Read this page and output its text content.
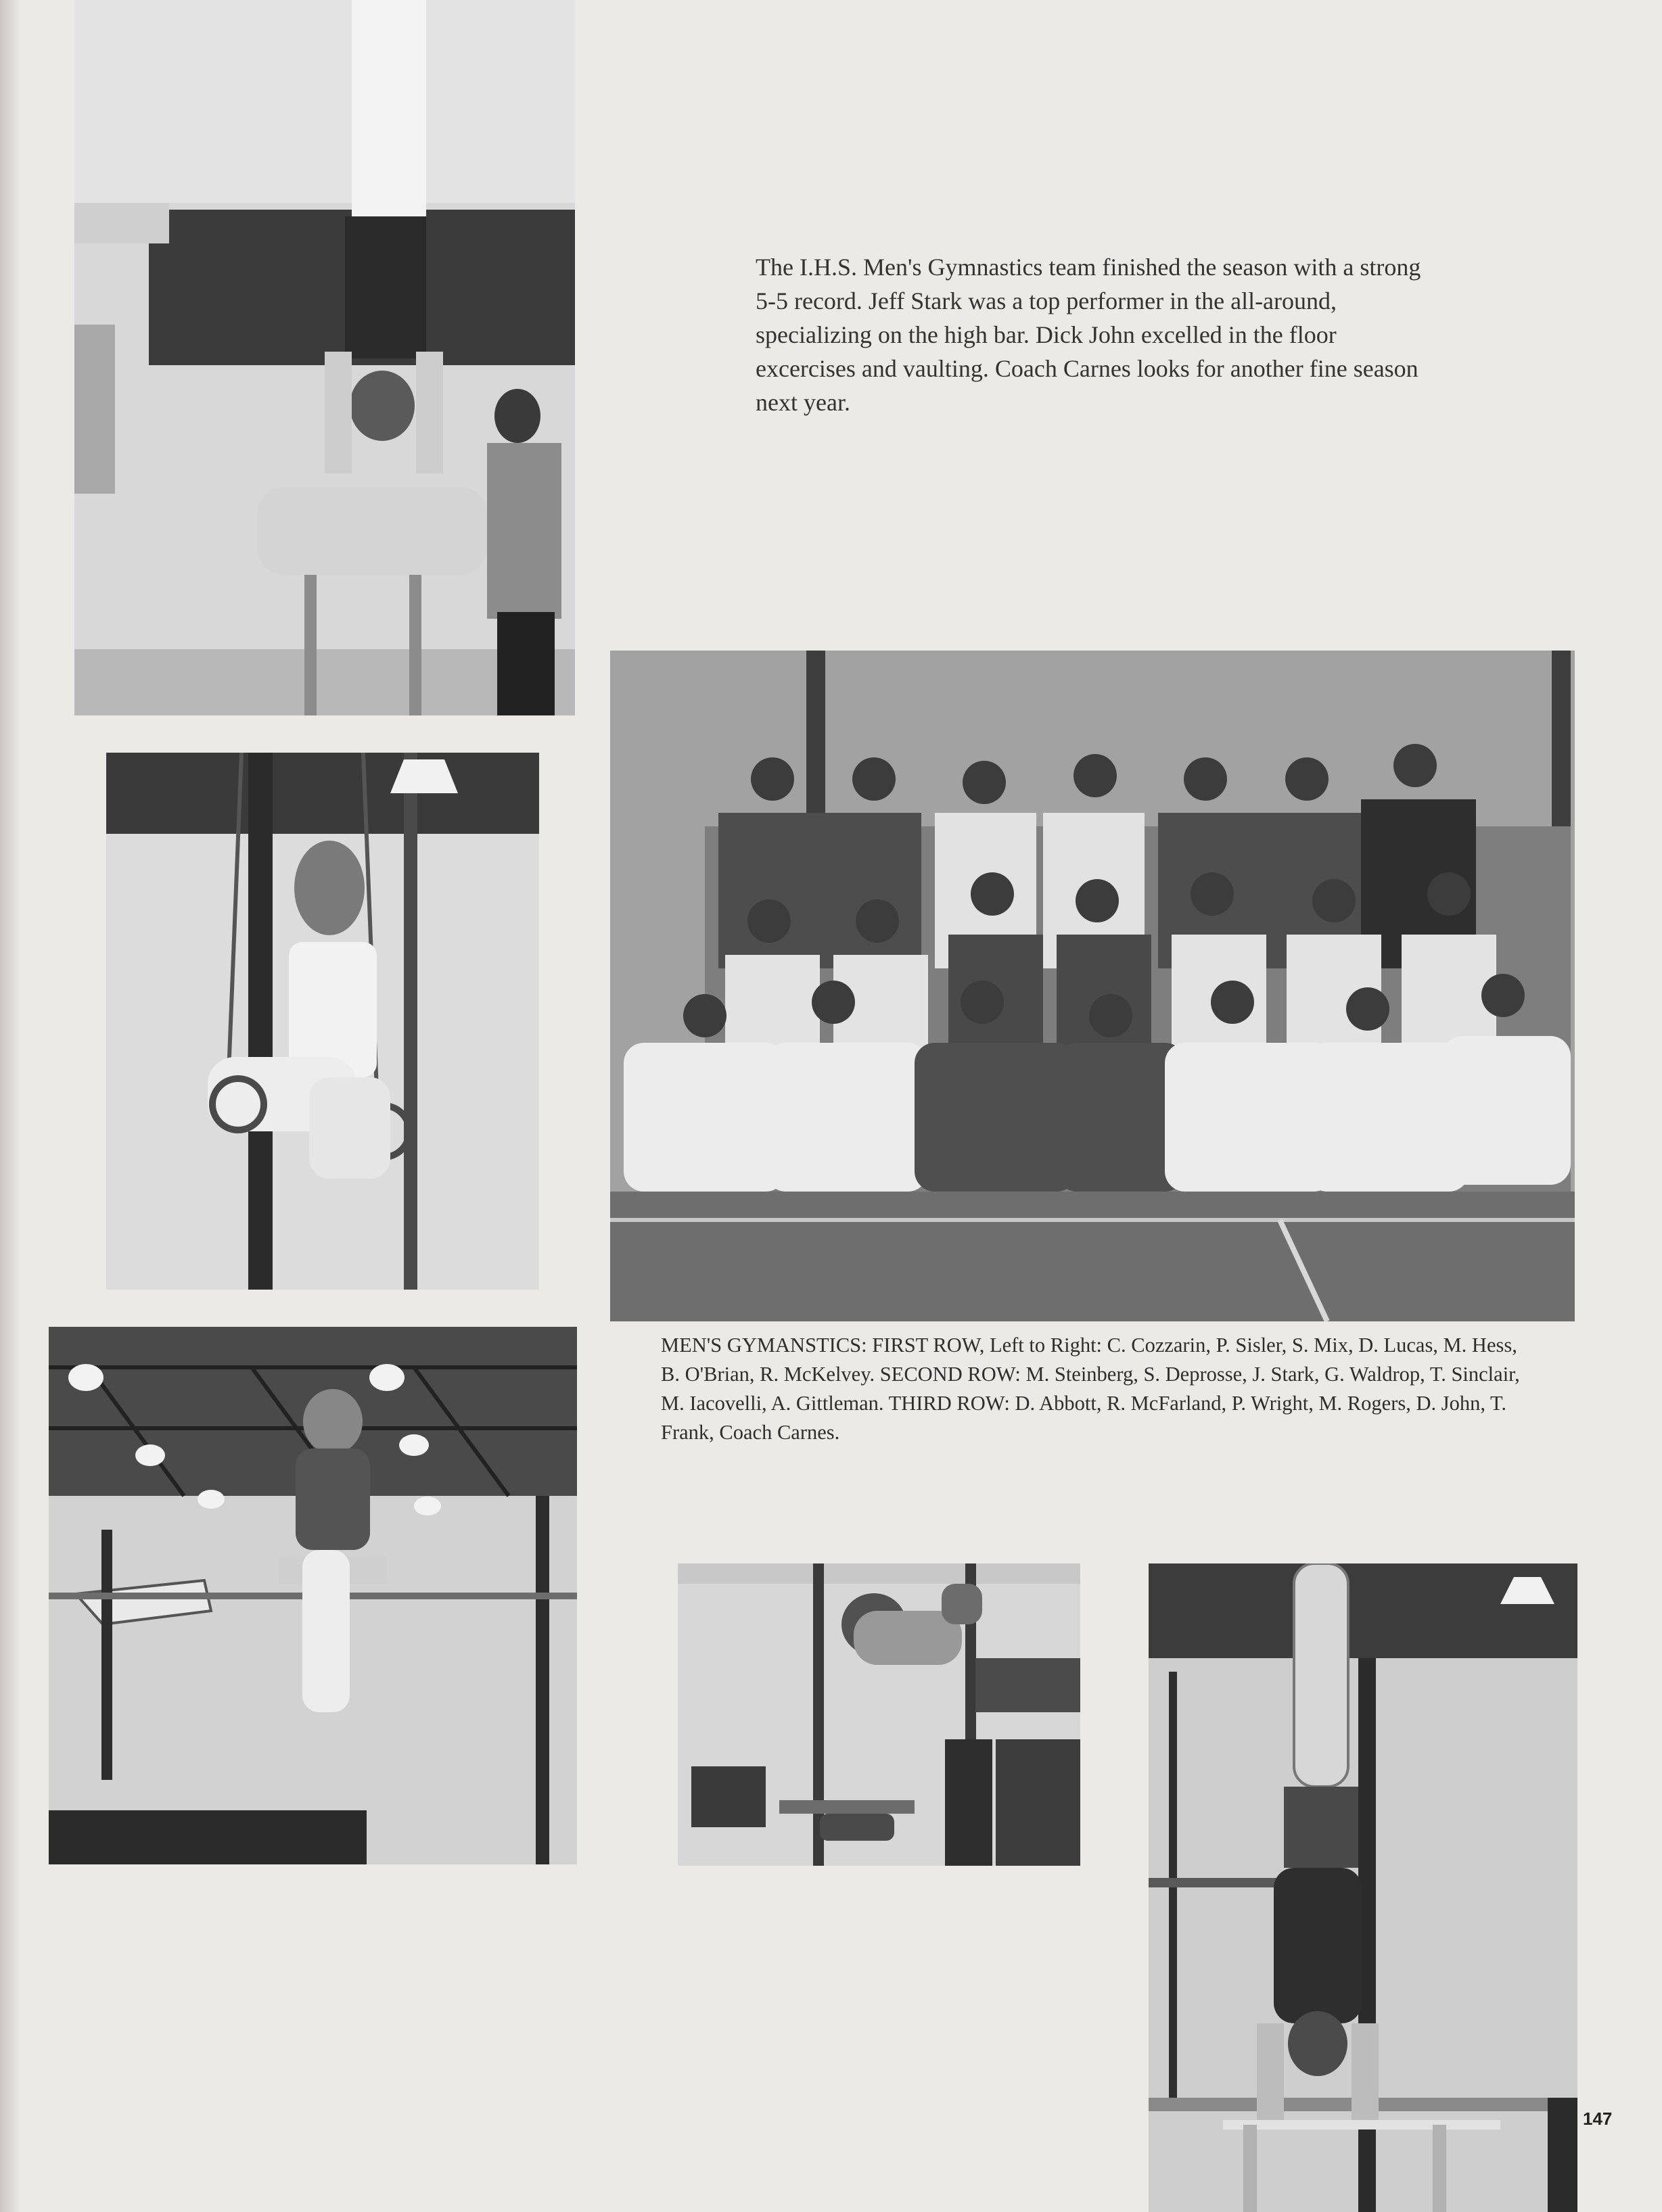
The I.H.S. Men's Gymnastics team finished the season with a strong 5-5 record. Jeff Stark was a top performer in the all-around, specializing on the high bar. Dick John excelled in the floor excercises and vaulting. Coach Carnes looks for another fine season next year.
MEN'S GYMANSTICS: FIRST ROW, Left to Right: C. Cozzarin, P. Sisler, S. Mix, D. Lucas, M. Hess, B. O'Brian, R. McKelvey. SECOND ROW: M. Steinberg, S. Deprosse, J. Stark, G. Waldrop, T. Sinclair, M. Iacovelli, A. Gittleman. THIRD ROW: D. Abbott, R. McFarland, P. Wright, M. Rogers, D. John, T. Frank, Coach Carnes.
147
